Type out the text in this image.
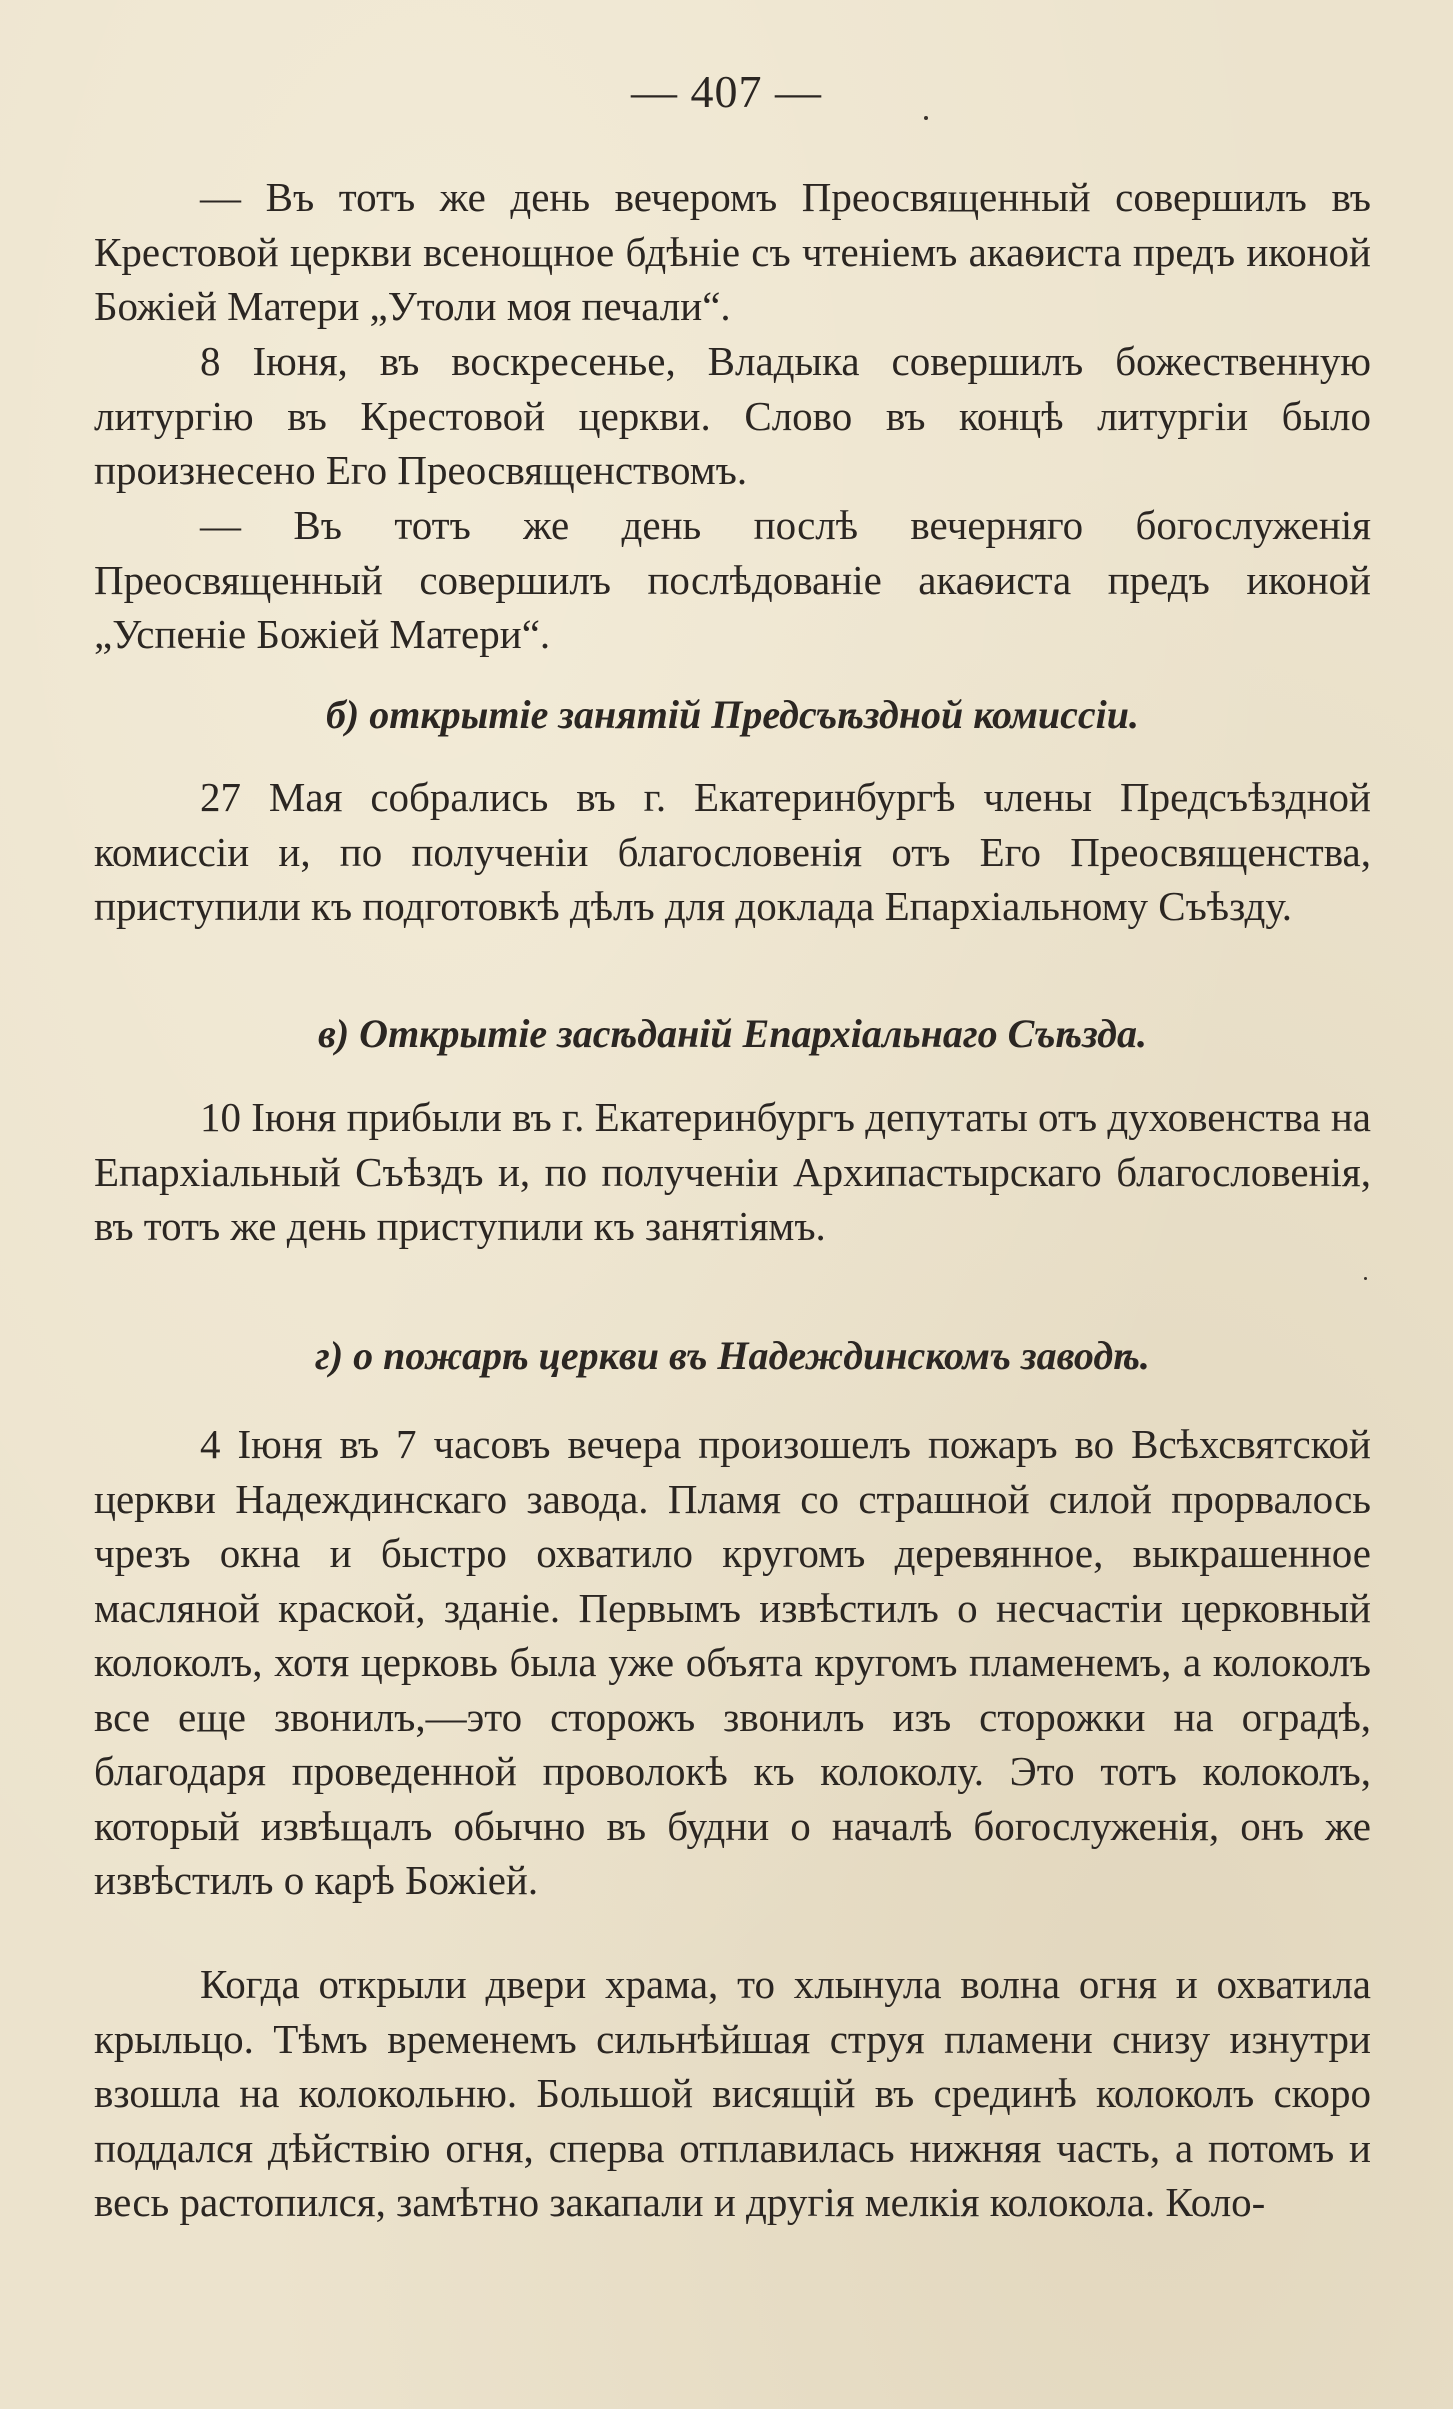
— 407 —

— Въ тотъ же день вечеромъ Преосвященный совершилъ въ Крестовой церкви всенощное бдѣніе съ чтеніемъ акаѳиста предъ иконой Божіей Матери „Утоли моя печали“.

8 Іюня, въ воскресенье, Владыка совершилъ божественную литургію въ Крестовой церкви. Слово въ концѣ литургіи было произнесено Его Преосвященствомъ.

— Въ тотъ же день послѣ вечерняго богослуженія Преосвященный совершилъ послѣдованіе акаѳиста предъ иконой „Успеніе Божіей Матери“.

б) открытіе занятій Предсъѣздной комиссіи.

27 Мая собрались въ г. Екатеринбургѣ члены Предсъѣздной комиссіи и, по полученіи благословенія отъ Его Преосвященства, приступили къ подготовкѣ дѣлъ для доклада Епархіальному Съѣзду.

в) Открытіе засѣданій Епархіальнаго Съѣзда.

10 Іюня прибыли въ г. Екатеринбургъ депутаты отъ духовенства на Епархіальный Съѣздъ и, по полученіи Архипастырскаго благословенія, въ тотъ же день приступили къ занятіямъ.

г) о пожарѣ церкви въ Надеждинскомъ заводѣ.

4 Іюня въ 7 часовъ вечера произошелъ пожаръ во Всѣхсвятской церкви Надеждинскаго завода. Пламя со страшной силой прорвалось чрезъ окна и быстро охватило кругомъ деревянное, выкрашенное масляной краской, зданіе. Первымъ извѣстилъ о несчастіи церковный колоколъ, хотя церковь была уже объята кругомъ пламенемъ, а колоколъ все еще звонилъ,—это сторожъ звонилъ изъ сторожки на оградѣ, благодаря проведенной проволокѣ къ колоколу. Это тотъ колоколъ, который извѣщалъ обычно въ будни о началѣ богослуженія, онъ же извѣстилъ о карѣ Божіей.

Когда открыли двери храма, то хлынула волна огня и охватила крыльцо. Тѣмъ временемъ сильнѣйшая струя пламени снизу изнутри взошла на колокольню. Большой висящій въ срединѣ колоколъ скоро поддался дѣйствію огня, сперва отплавилась нижняя часть, а потомъ и весь растопился, замѣтно закапали и другія мелкія колокола. Коло-
